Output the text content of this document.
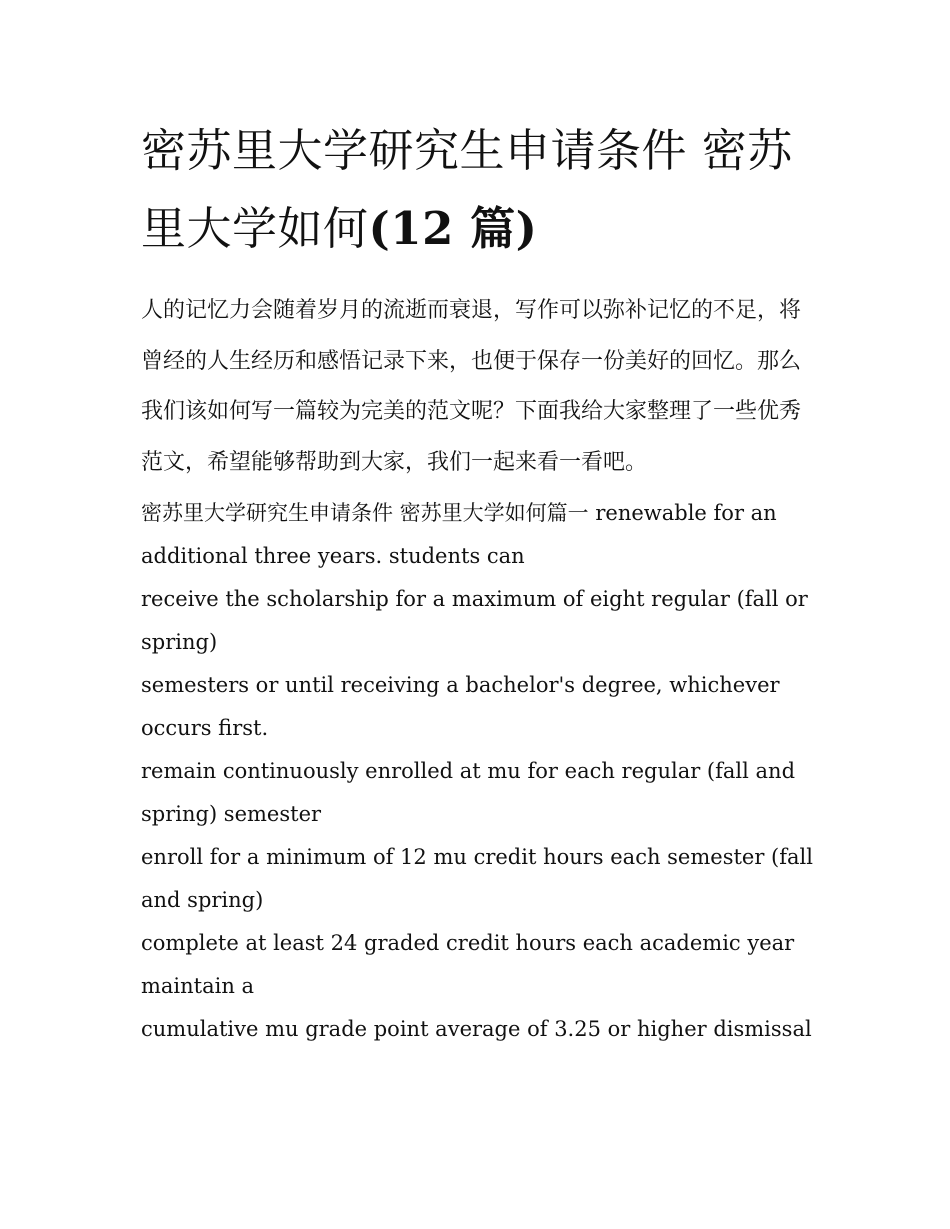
密苏里大学研究生申请条件 密苏里大学如何(12 篇)

人的记忆力会随着岁月的流逝而衰退，写作可以弥补记忆的不足，将曾经的人生经历和感悟记录下来，也便于保存一份美好的回忆。那么我们该如何写一篇较为完美的范文呢？下面我给大家整理了一些优秀范文，希望能够帮助到大家，我们一起来看一看吧。

密苏里大学研究生申请条件 密苏里大学如何篇一 renewable for an additional three years. students can
receive the scholarship for a maximum of eight regular (fall or spring)
semesters or until receiving a bachelor's degree, whichever occurs first.
remain continuously enrolled at mu for each regular (fall and spring) semester
enroll for a minimum of 12 mu credit hours each semester (fall and spring)
complete at least 24 graded credit hours each academic year maintain a
cumulative mu grade point average of 3.25 or higher dismissal
